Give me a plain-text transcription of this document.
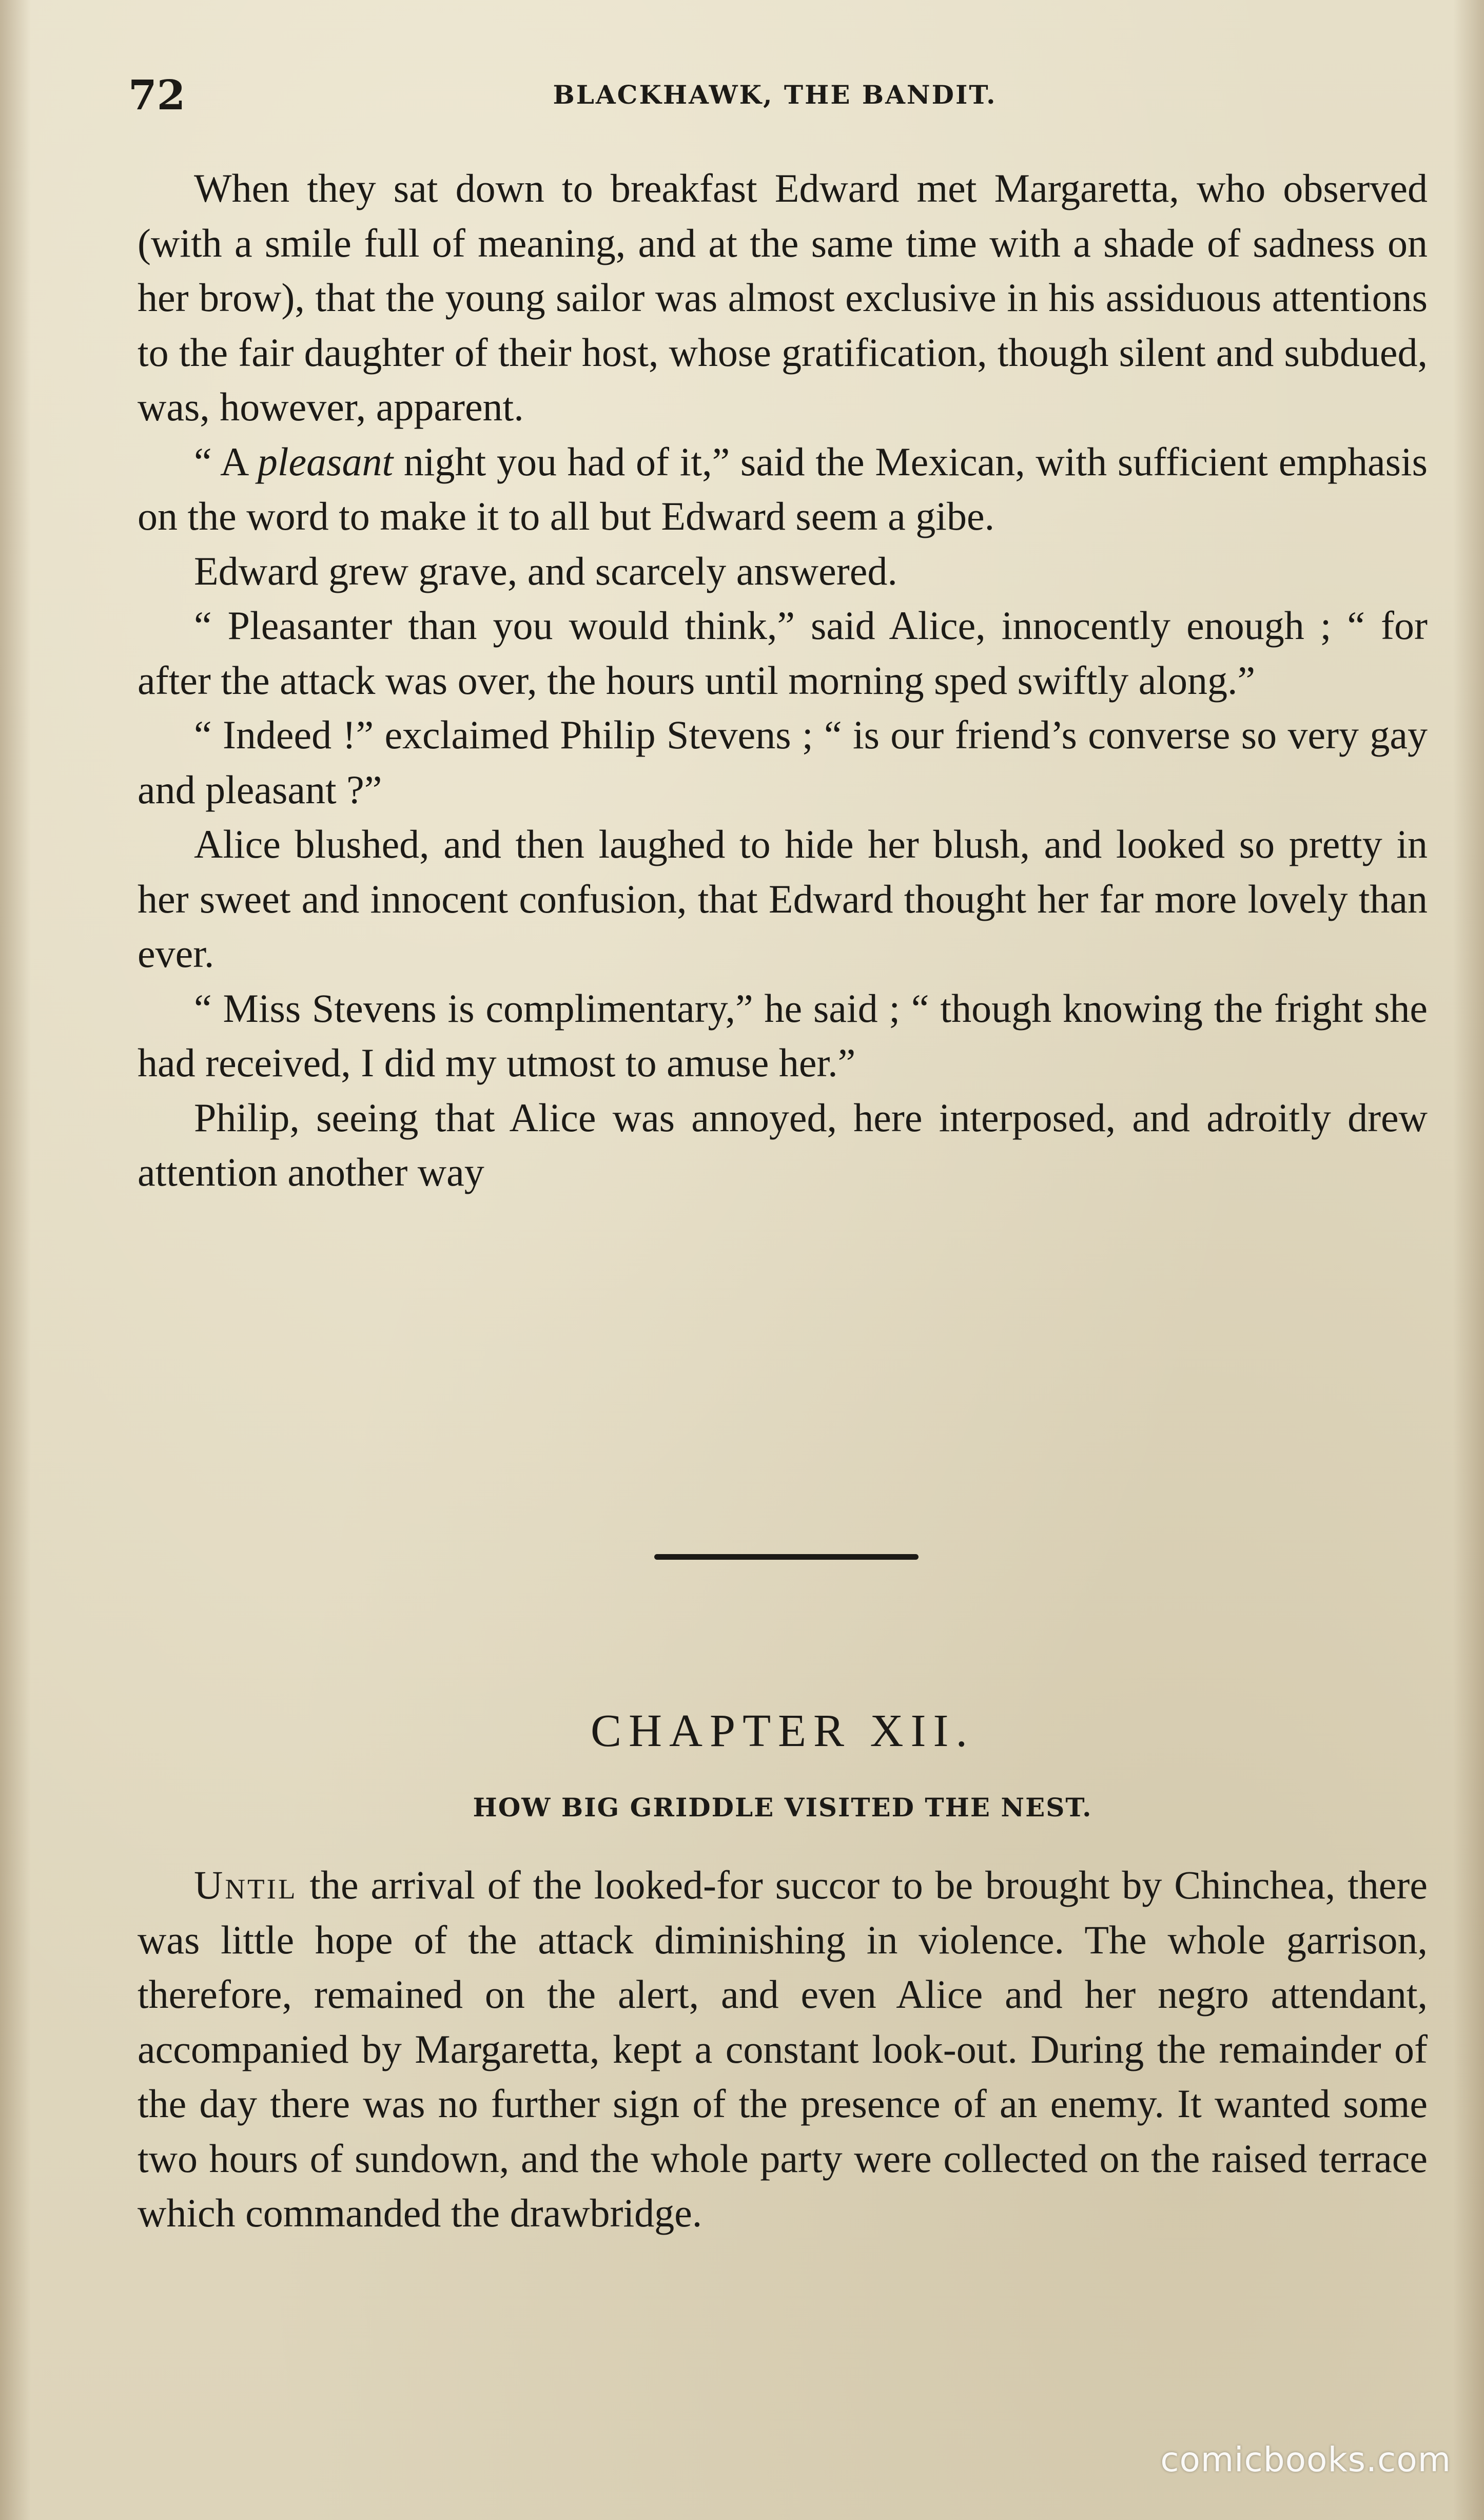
72	BLACKHAWK, THE BANDIT.

When they sat down to breakfast Edward met Margaretta, who observed (with a smile full of meaning, and at the same time with a shade of sadness on her brow), that the young sailor was almost exclusive in his assiduous attentions to the fair daughter of their host, whose gratification, though silent and subdued, was, however, apparent.

“ A pleasant night you had of it,” said the Mexican, with sufficient emphasis on the word to make it to all but Edward seem a gibe.

Edward grew grave, and scarcely answered.

“ Pleasanter than you would think,” said Alice, innocently enough ; “ for after the attack was over, the hours until morning sped swiftly along.”

“ Indeed !” exclaimed Philip Stevens ; “ is our friend’s converse so very gay and pleasant ?”

Alice blushed, and then laughed to hide her blush, and looked so pretty in her sweet and innocent confusion, that Edward thought her far more lovely than ever.

“ Miss Stevens is complimentary,” he said ; “ though knowing the fright she had received, I did my utmost to amuse her.”

Philip, seeing that Alice was annoyed, here interposed, and adroitly drew attention another way

CHAPTER XII.
HOW BIG GRIDDLE VISITED THE NEST.

Until the arrival of the looked-for succor to be brought by Chinchea, there was little hope of the attack diminishing in violence. The whole garrison, therefore, remained on the alert, and even Alice and her negro attendant, accompanied by Margaretta, kept a constant look-out. During the remainder of the day there was no further sign of the presence of an enemy. It wanted some two hours of sundown, and the whole party were collected on the raised terrace which commanded the drawbridge.

comicbooks.com
